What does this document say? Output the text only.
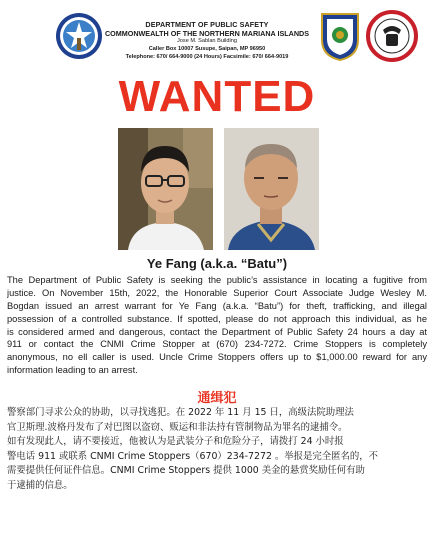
DEPARTMENT OF PUBLIC SAFETY
COMMONWEALTH OF THE NORTHERN MARIANA ISLANDS
Jose M. Sablan Building
Caller Box 10007 Susupe, Saipan, MP 96950
Telephone: 670/ 664-9000 (24 Hours) Facsimile: 670/ 664-9019
WANTED
Ye Fang (a.k.a. “Batu”)
The Department of Public Safety is seeking the public’s assistance in locating a fugitive from
justice. On November 15th, 2022, the Honorable Superior Court Associate Judge Wesley M.
Bogdan issued an arrest warrant for Ye Fang (a.k.a. “Batu”) for theft, trafficking, and illegal
possession of a controlled substance. If spotted, please do not approach this individual, as he
is considered armed and dangerous, contact the Department of Public Safety 24 hours a day at
911 or contact the CNMI Crime Stopper at (670) 234-7272. Crime Stoppers is completely
anonymous, no ell caller is used. Uncle Crime Stoppers offers up to $1,000.00 reward for any
information leading to an arrest.
通缉犯
警察部门寻求公众的协助，以寻找逃犯。在 2022 年 11 月 15 日，高级法院助理法
官卫斯理.波格丹发布了对巴图以盗窃、贩运和非法持有管制物品为罪名的逮捕令。
如有发现此人，请不要接近，他被认为是武装分子和危险分子，请拨打 24 小时报
警电话 911 或联系 CNMI Crime Stoppers（670）234-7272 。举报是完全匿名的，不
需要提供任何证件信息。CNMI Crime Stoppers 提供 1000 美金的悬赏奖励任何有助
于逮捕的信息。
